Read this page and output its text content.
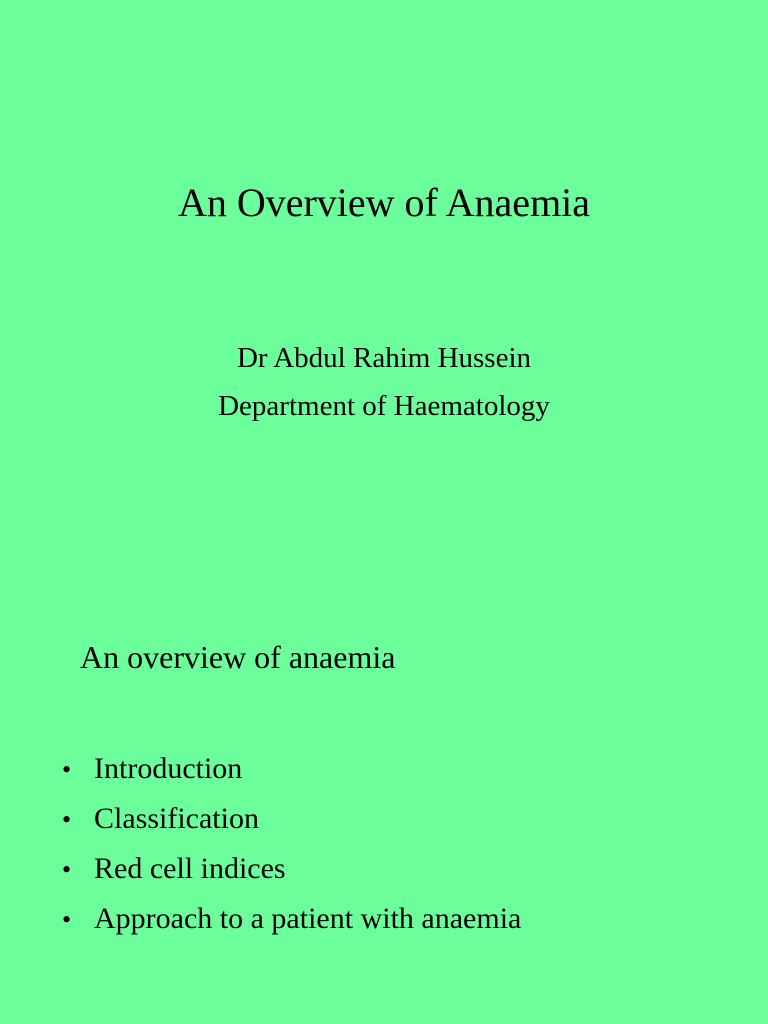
An Overview of Anaemia
Dr Abdul Rahim Hussein
Department of Haematology
An overview of anaemia
• Introduction
• Classification
• Red cell indices
• Approach to a patient with anaemia
